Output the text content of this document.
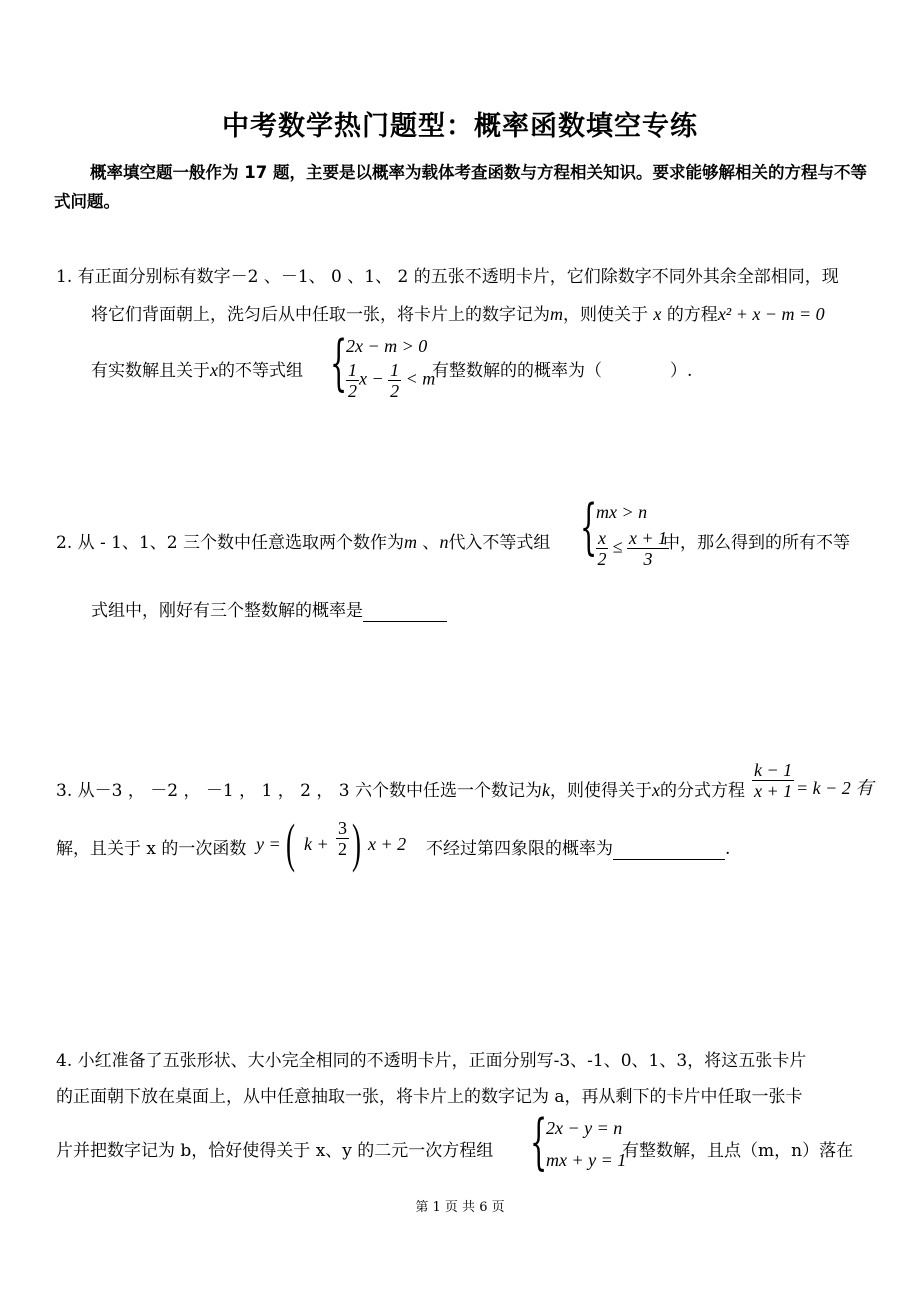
中考数学热门题型：概率函数填空专练
概率填空题一般作为 17 题，主要是以概率为载体考查函数与方程相关知识。要求能够解相关的方程与不等式问题。
1. 有正面分别标有数字－2 、－1、 0 、1、 2 的五张不透明卡片，它们除数字不同外其余全部相同，现
将它们背面朝上，洗匀后从中任取一张，将卡片上的数字记为m，则使关于 x 的方程x² + x − m = 0
有实数解且关于x的不等式组 {
2x − m > 0
$\frac{1}{2}$ $x - \frac{1}{2} < m$
有整数解的的概率为（　　　　）.
2. 从 - 1、1、2 三个数中任意选取两个数作为m 、n代入不等式组 {
mx > n
$\frac{x}{2} \le \frac{x + 1}{3}$
中，那么得到的所有不等
式组中，刚好有三个整数解的概率是
3. 从－3 ， －2 ， －1 ， 1 ， 2 ， 3 六个数中任选一个数记为k，则使得关于x的分式方程 $\frac{k - 1}{x + 1} = k - 2$ 有
解，且关于 x 的一次函数 y = ( $k + \frac{3}{2}$ ) x + 2 不经过第四象限的概率为	.
4. 小红准备了五张形状、大小完全相同的不透明卡片，正面分别写-3、-1、0、1、3，将这五张卡片
的正面朝下放在桌面上，从中任意抽取一张，将卡片上的数字记为 a，再从剩下的卡片中任取一张卡
片并把数字记为 b，恰好使得关于 x、y 的二元一次方程组 {
2x − y = n
mx + y = 1
有整数解，且点（m，n）落在
第 1 页 共 6 页
